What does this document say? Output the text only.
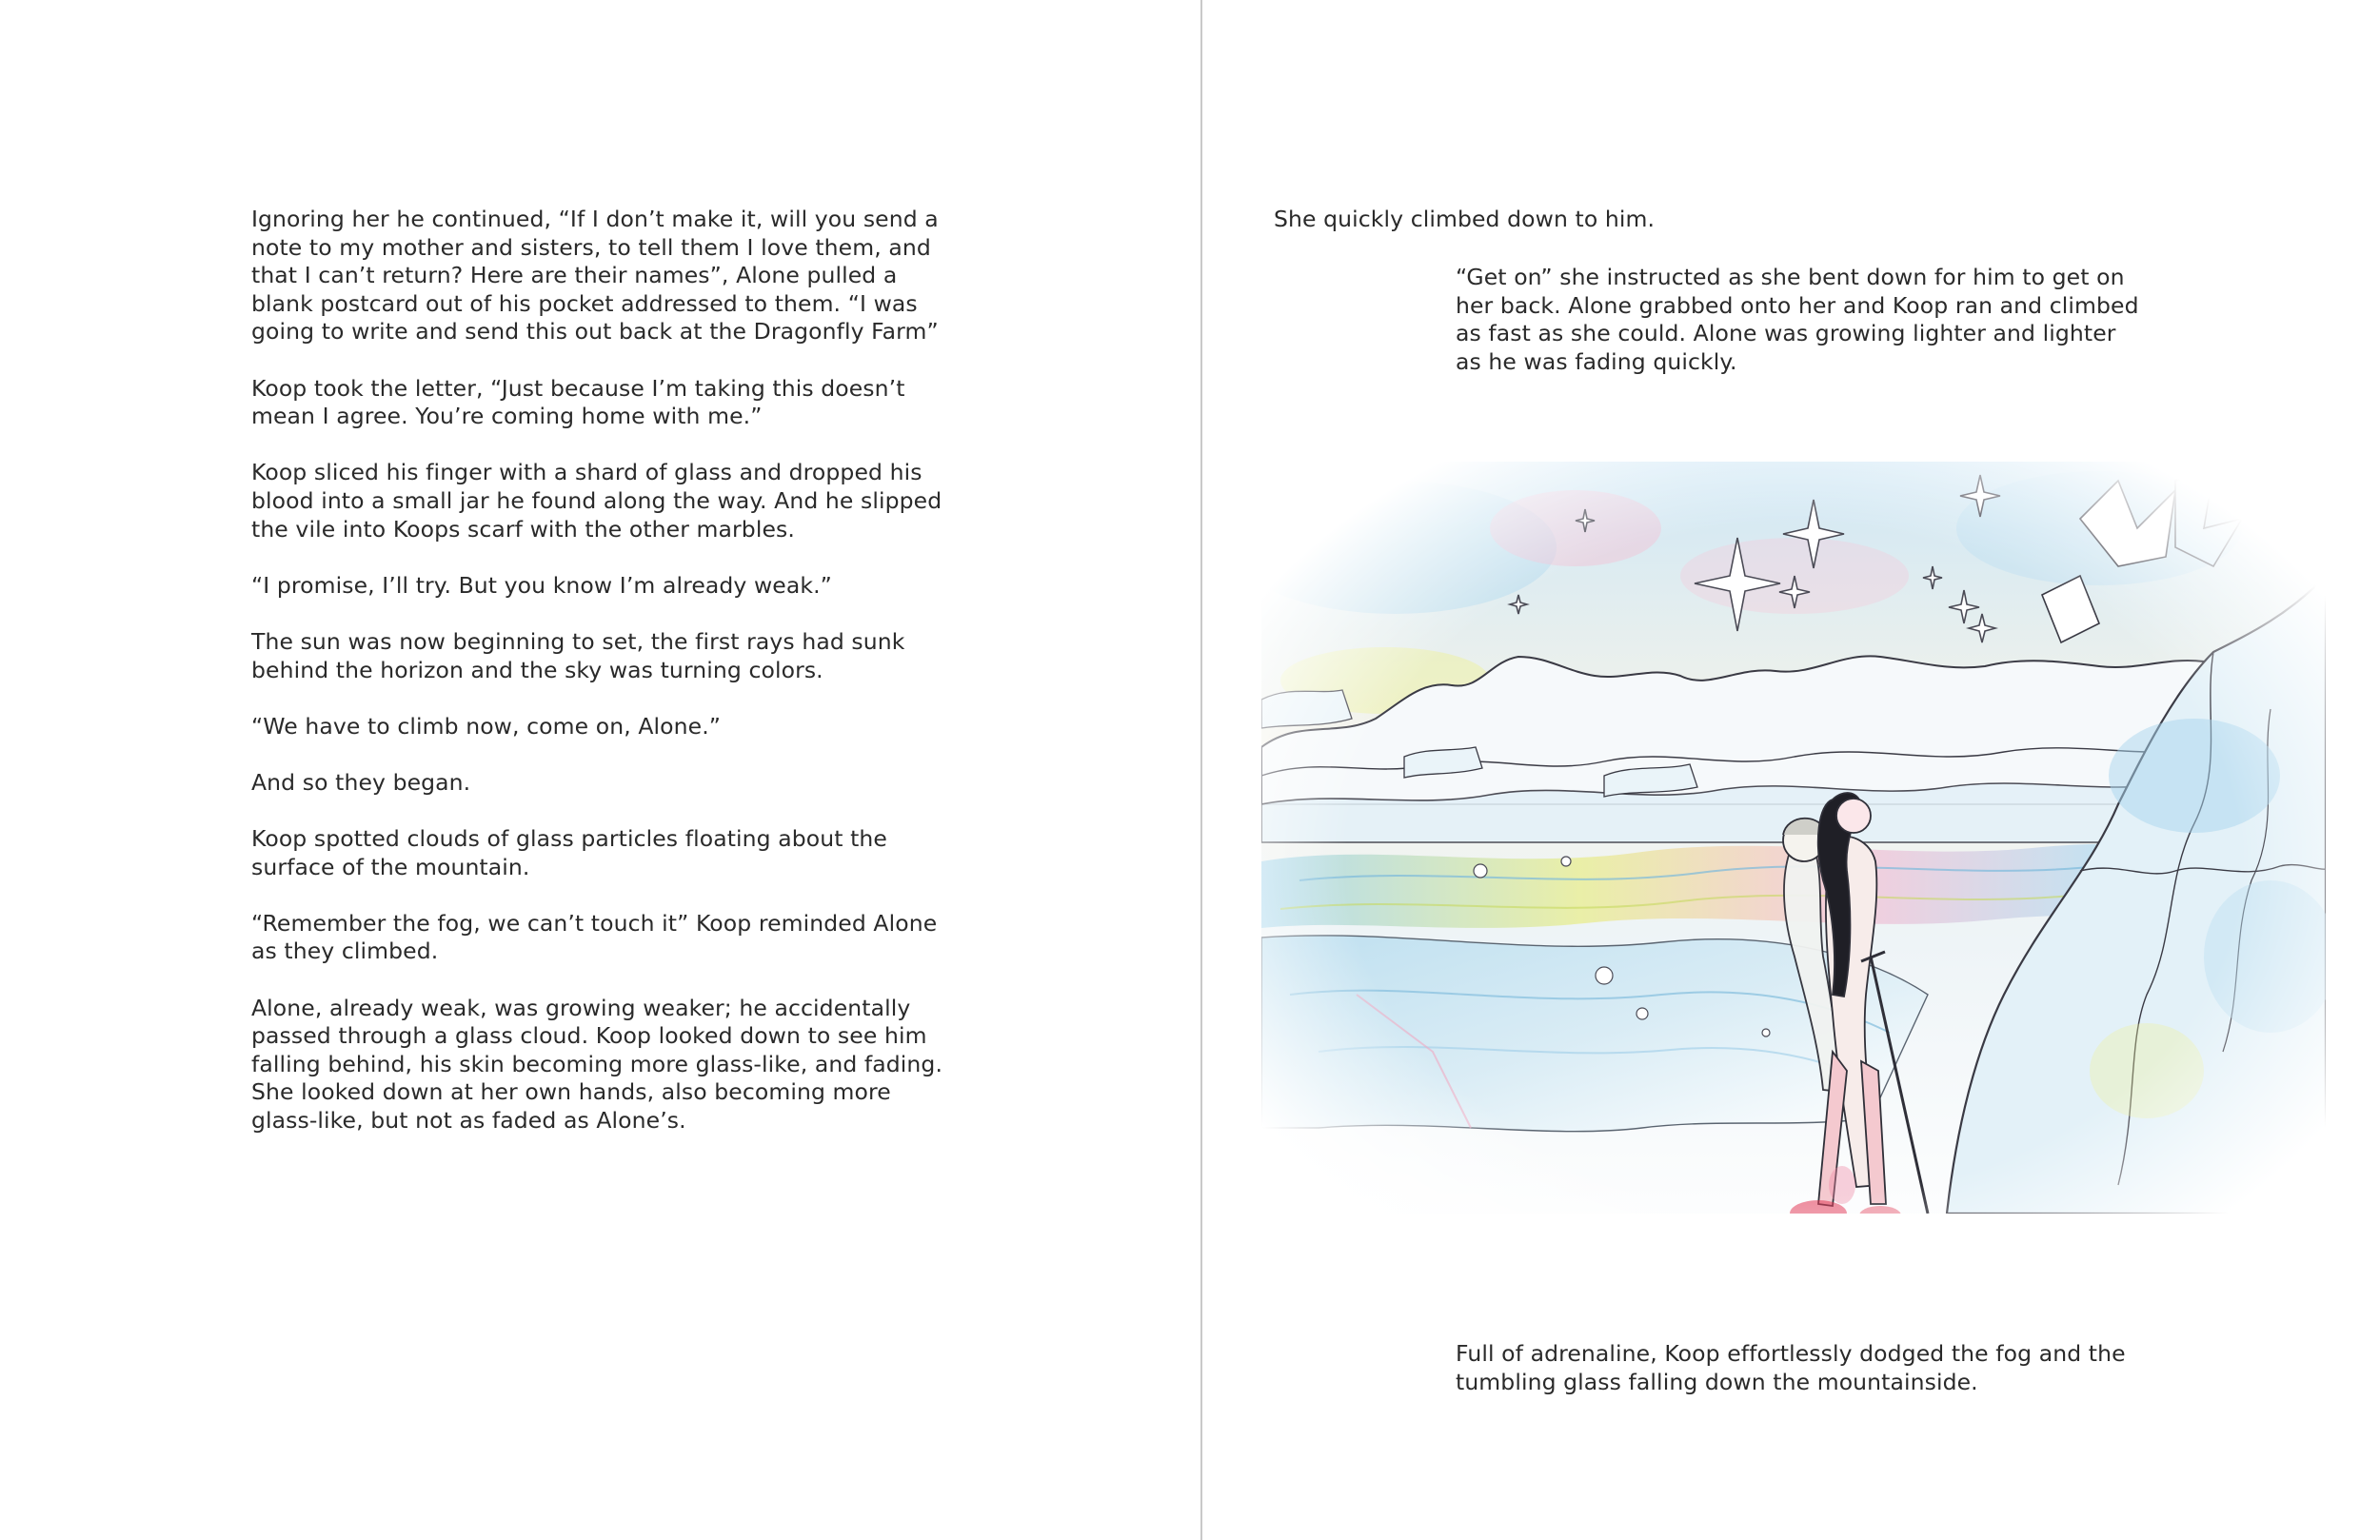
Ignoring her he continued, “If I don’t make it, will you send a note to my mother and sisters, to tell them I love them, and that I can’t return? Here are their names”, Alone pulled a blank postcard out of his pocket addressed to them. “I was going to write and send this out back at the Dragonfly Farm”

Koop took the letter, “Just because I’m taking this doesn’t mean I agree. You’re coming home with me.”

Koop sliced his finger with a shard of glass and dropped his blood into a small jar he found along the way. And he slipped the vile into Koops scarf with the other marbles.

“I promise, I’ll try. But you know I’m already weak.”

The sun was now beginning to set, the first rays had sunk behind the horizon and the sky was turning colors.

“We have to climb now, come on, Alone.”

And so they began.

Koop spotted clouds of glass particles floating about the surface of the mountain.

“Remember the fog, we can’t touch it” Koop reminded Alone as they climbed.

Alone, already weak, was growing weaker; he accidentally passed through a glass cloud. Koop looked down to see him falling behind, his skin becoming more glass-like, and fading. She looked down at her own hands, also becoming more glass-like, but not as faded as Alone’s.

She quickly climbed down to him.

“Get on” she instructed as she bent down for him to get on her back. Alone grabbed onto her and Koop ran and climbed as fast as she could. Alone was growing lighter and lighter as he was fading quickly.

Full of adrenaline, Koop effortlessly dodged the fog and the tumbling glass falling down the mountainside.
